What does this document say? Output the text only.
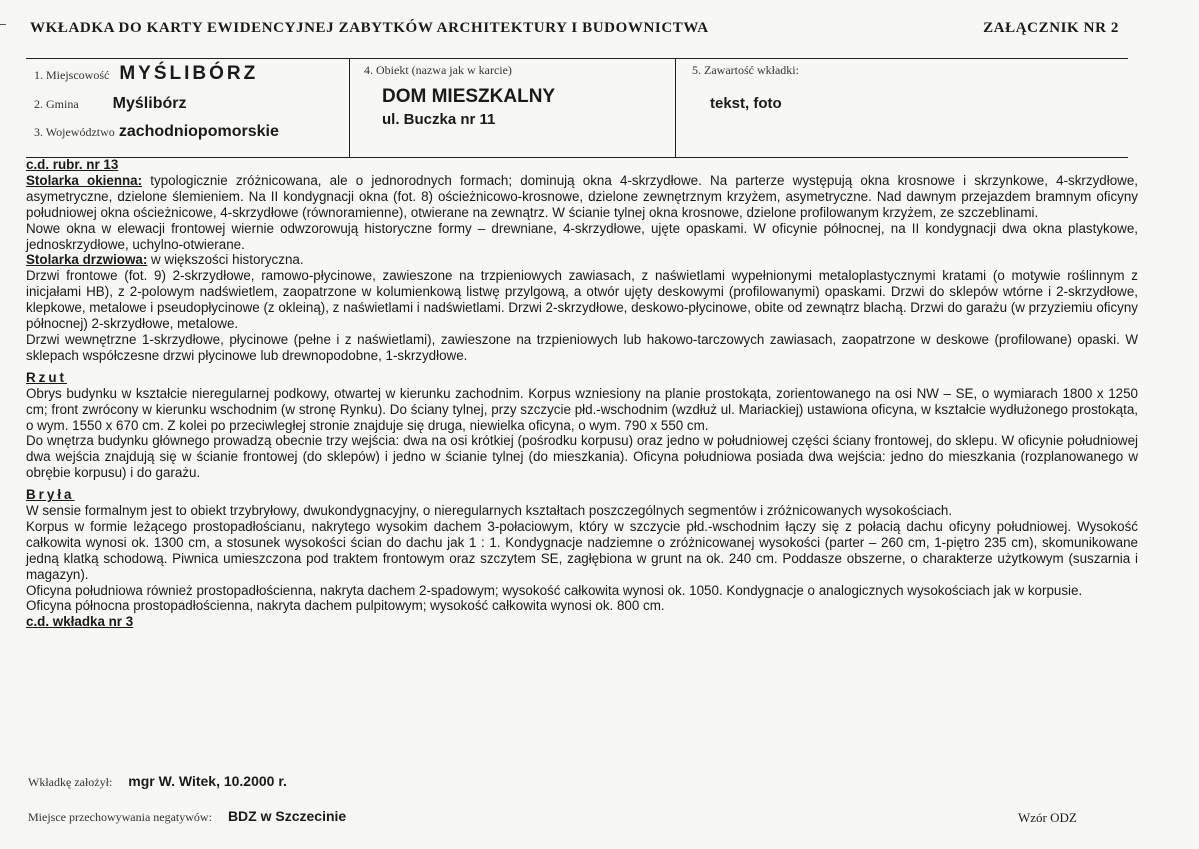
WKŁADKA DO KARTY EWIDENCYJNEJ ZABYTKÓW ARCHITEKTURY I BUDOWNICTWA	ZAŁĄCZNIK NR 2
1. Miejscowość MYŚLIBÓRZ
2. Gmina Myślibórz
3. Województwo zachodniopomorskie
4. Obiekt (nazwa jak w karcie)
DOM MIESZKALNY
ul. Buczka nr 11
5. Zawartość wkładki:
tekst, foto

c.d. rubr. nr 13

Stolarka okienna: typologicznie zróżnicowana, ale o jednorodnych formach; dominują okna 4-skrzydłowe. Na parterze występują okna krosnowe i skrzynkowe, 4-skrzydłowe, asymetryczne, dzielone ślemieniem. Na II kondygnacji okna (fot. 8) ościeżnicowo-krosnowe, dzielone zewnętrznym krzyżem, asymetryczne. Nad dawnym przejazdem bramnym oficyny południowej okna ościeżnicowe, 4-skrzydłowe (równoramienne), otwierane na zewnątrz. W ścianie tylnej okna krosnowe, dzielone profilowanym krzyżem, ze szczeblinami.

Nowe okna w elewacji frontowej wiernie odwzorowują historyczne formy – drewniane, 4-skrzydłowe, ujęte opaskami. W oficynie północnej, na II kondygnacji dwa okna plastykowe, jednoskrzydłowe, uchylno-otwierane.

Stolarka drzwiowa: w większości historyczna.

Drzwi frontowe (fot. 9) 2-skrzydłowe, ramowo-płycinowe, zawieszone na trzpieniowych zawiasach, z naświetlami wypełnionymi metaloplastycznymi kratami (o motywie roślinnym z inicjałami HB), z 2-polowym nadświetlem, zaopatrzone w kolumienkową listwę przylgową, a otwór ujęty deskowymi (profilowanymi) opaskami. Drzwi do sklepów wtórne i 2-skrzydłowe, klepkowe, metalowe i pseudopłycinowe (z okleiną), z naświetlami i nadświetlami. Drzwi 2-skrzydłowe, deskowo-płycinowe, obite od zewnątrz blachą. Drzwi do garażu (w przyziemiu oficyny północnej) 2-skrzydłowe, metalowe.

Drzwi wewnętrzne 1-skrzydłowe, płycinowe (pełne i z naświetlami), zawieszone na trzpieniowych lub hakowo-tarczowych zawiasach, zaopatrzone w deskowe (profilowane) opaski. W sklepach współczesne drzwi płycinowe lub drewnopodobne, 1-skrzydłowe.

Rzut

Obrys budynku w kształcie nieregularnej podkowy, otwartej w kierunku zachodnim. Korpus wzniesiony na planie prostokąta, zorientowanego na osi NW – SE, o wymiarach 1800 x 1250 cm; front zwrócony w kierunku wschodnim (w stronę Rynku). Do ściany tylnej, przy szczycie płd.-wschodnim (wzdłuż ul. Mariackiej) ustawiona oficyna, w kształcie wydłużonego prostokąta, o wym. 1550 x 670 cm. Z kolei po przeciwległej stronie znajduje się druga, niewielka oficyna, o wym. 790 x 550 cm.

Do wnętrza budynku głównego prowadzą obecnie trzy wejścia: dwa na osi krótkiej (pośrodku korpusu) oraz jedno w południowej części ściany frontowej, do sklepu. W oficynie południowej dwa wejścia znajdują się w ścianie frontowej (do sklepów) i jedno w ścianie tylnej (do mieszkania). Oficyna południowa posiada dwa wejścia: jedno do mieszkania (rozplanowanego w obrębie korpusu) i do garażu.

Bryła

W sensie formalnym jest to obiekt trzybryłowy, dwukondygnacyjny, o nieregularnych kształtach poszczególnych segmentów i zróżnicowanych wysokościach.

Korpus w formie leżącego prostopadłościanu, nakrytego wysokim dachem 3-połaciowym, który w szczycie płd.-wschodnim łączy się z połacią dachu oficyny południowej. Wysokość całkowita wynosi ok. 1300 cm, a stosunek wysokości ścian do dachu jak 1 : 1. Kondygnacje nadziemne o zróżnicowanej wysokości (parter – 260 cm, 1-piętro 235 cm), skomunikowane jedną klatką schodową. Piwnica umieszczona pod traktem frontowym oraz szczytem SE, zagłębiona w grunt na ok. 240 cm. Poddasze obszerne, o charakterze użytkowym (suszarnia i magazyn).

Oficyna południowa również prostopadłościenna, nakryta dachem 2-spadowym; wysokość całkowita wynosi ok. 1050. Kondygnacje o analogicznych wysokościach jak w korpusie.

Oficyna północna prostopadłościenna, nakryta dachem pulpitowym; wysokość całkowita wynosi ok. 800 cm.

c.d. wkładka nr 3

Wkładkę założył: mgr W. Witek, 10.2000 r.
Miejsce przechowywania negatywów: BDZ w Szczecinie	Wzór ODZ
